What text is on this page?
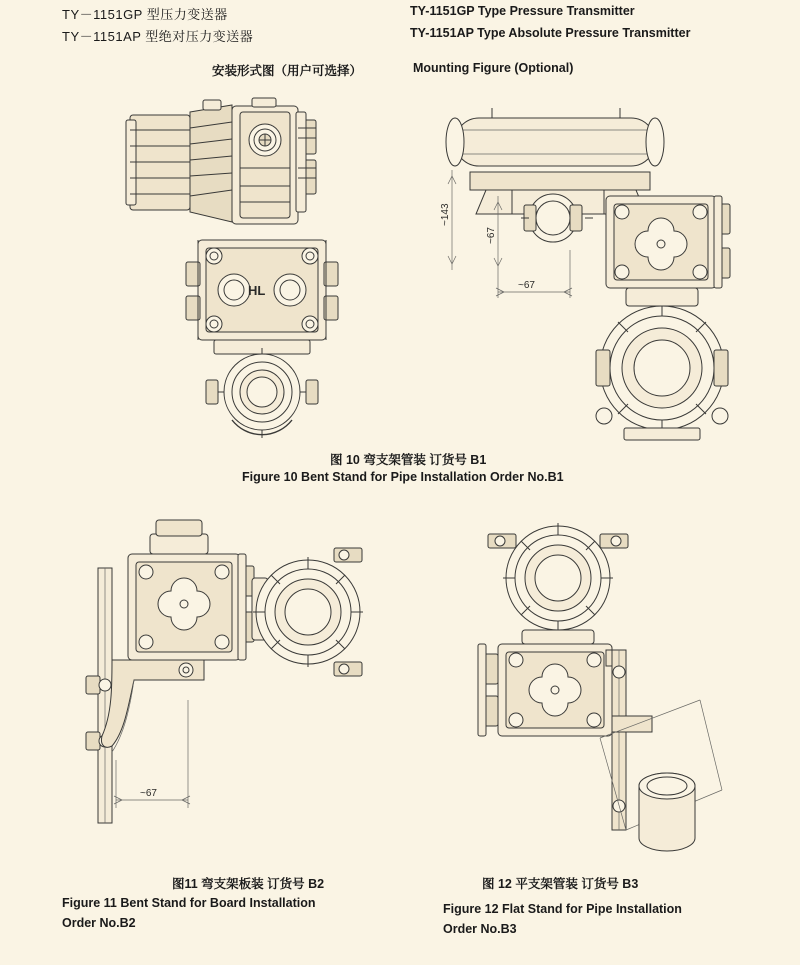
TY－1151GP 型压力变送器
TY－1151AP 型绝对压力变送器
TY-1151GP Type Pressure Transmitter
TY-1151AP Type Absolute Pressure Transmitter
安装形式图（用户可选择）	Mounting Figure (Optional)
HL
~143
~67
~67
图 10 弯支架管装 订货号 B1
Figure 10 Bent Stand for Pipe Installation Order No.B1
~67
图11 弯支架板装 订货号 B2
Figure 11 Bent Stand for Board Installation
Order No.B2
图 12 平支架管装 订货号 B3
Figure 12 Flat Stand for Pipe Installation
Order No.B3
